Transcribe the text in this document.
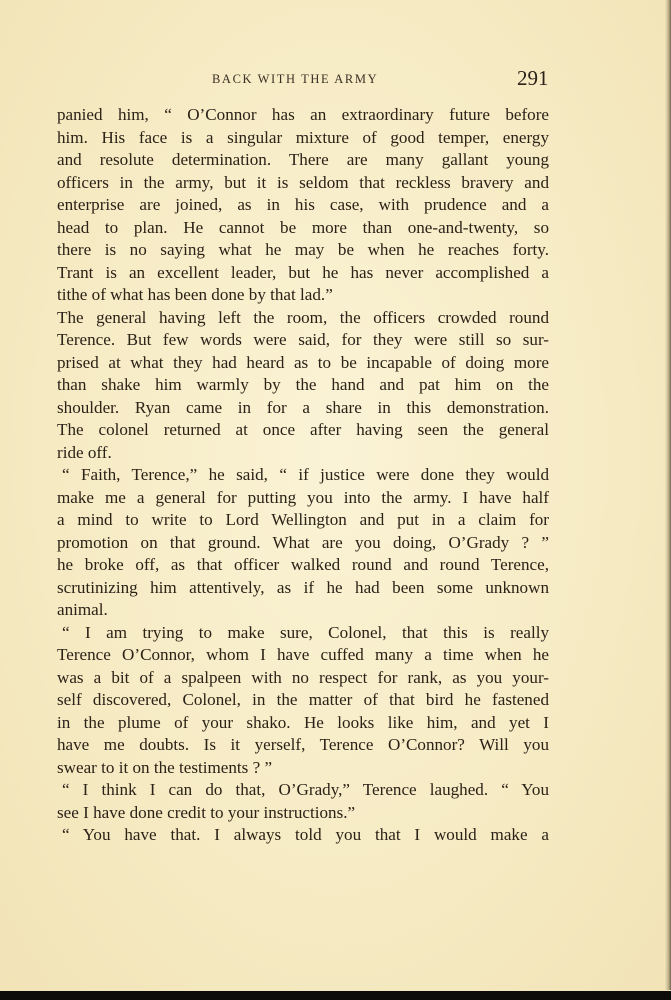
BACK WITH THE ARMY	291
panied him, “ O’Connor has an extraordinary future before
him. His face is a singular mixture of good temper, energy
and resolute determination. There are many gallant young
officers in the army, but it is seldom that reckless bravery and
enterprise are joined, as in his case, with prudence and a
head to plan. He cannot be more than one-and-twenty, so
there is no saying what he may be when he reaches forty.
Trant is an excellent leader, but he has never accomplished a
tithe of what has been done by that lad.”
The general having left the room, the officers crowded round
Terence. But few words were said, for they were still so sur-
prised at what they had heard as to be incapable of doing more
than shake him warmly by the hand and pat him on the
shoulder. Ryan came in for a share in this demonstration.
The colonel returned at once after having seen the general
ride off.
“ Faith, Terence,” he said, “ if justice were done they would
make me a general for putting you into the army. I have half
a mind to write to Lord Wellington and put in a claim for
promotion on that ground. What are you doing, O’Grady ? ”
he broke off, as that officer walked round and round Terence,
scrutinizing him attentively, as if he had been some unknown
animal.
“ I am trying to make sure, Colonel, that this is really
Terence O’Connor, whom I have cuffed many a time when he
was a bit of a spalpeen with no respect for rank, as you your-
self discovered, Colonel, in the matter of that bird he fastened
in the plume of your shako. He looks like him, and yet I
have me doubts. Is it yerself, Terence O’Connor? Will you
swear to it on the testiments ? ”
“ I think I can do that, O’Grady,” Terence laughed. “ You
see I have done credit to your instructions.”
“ You have that. I always told you that I would make a
